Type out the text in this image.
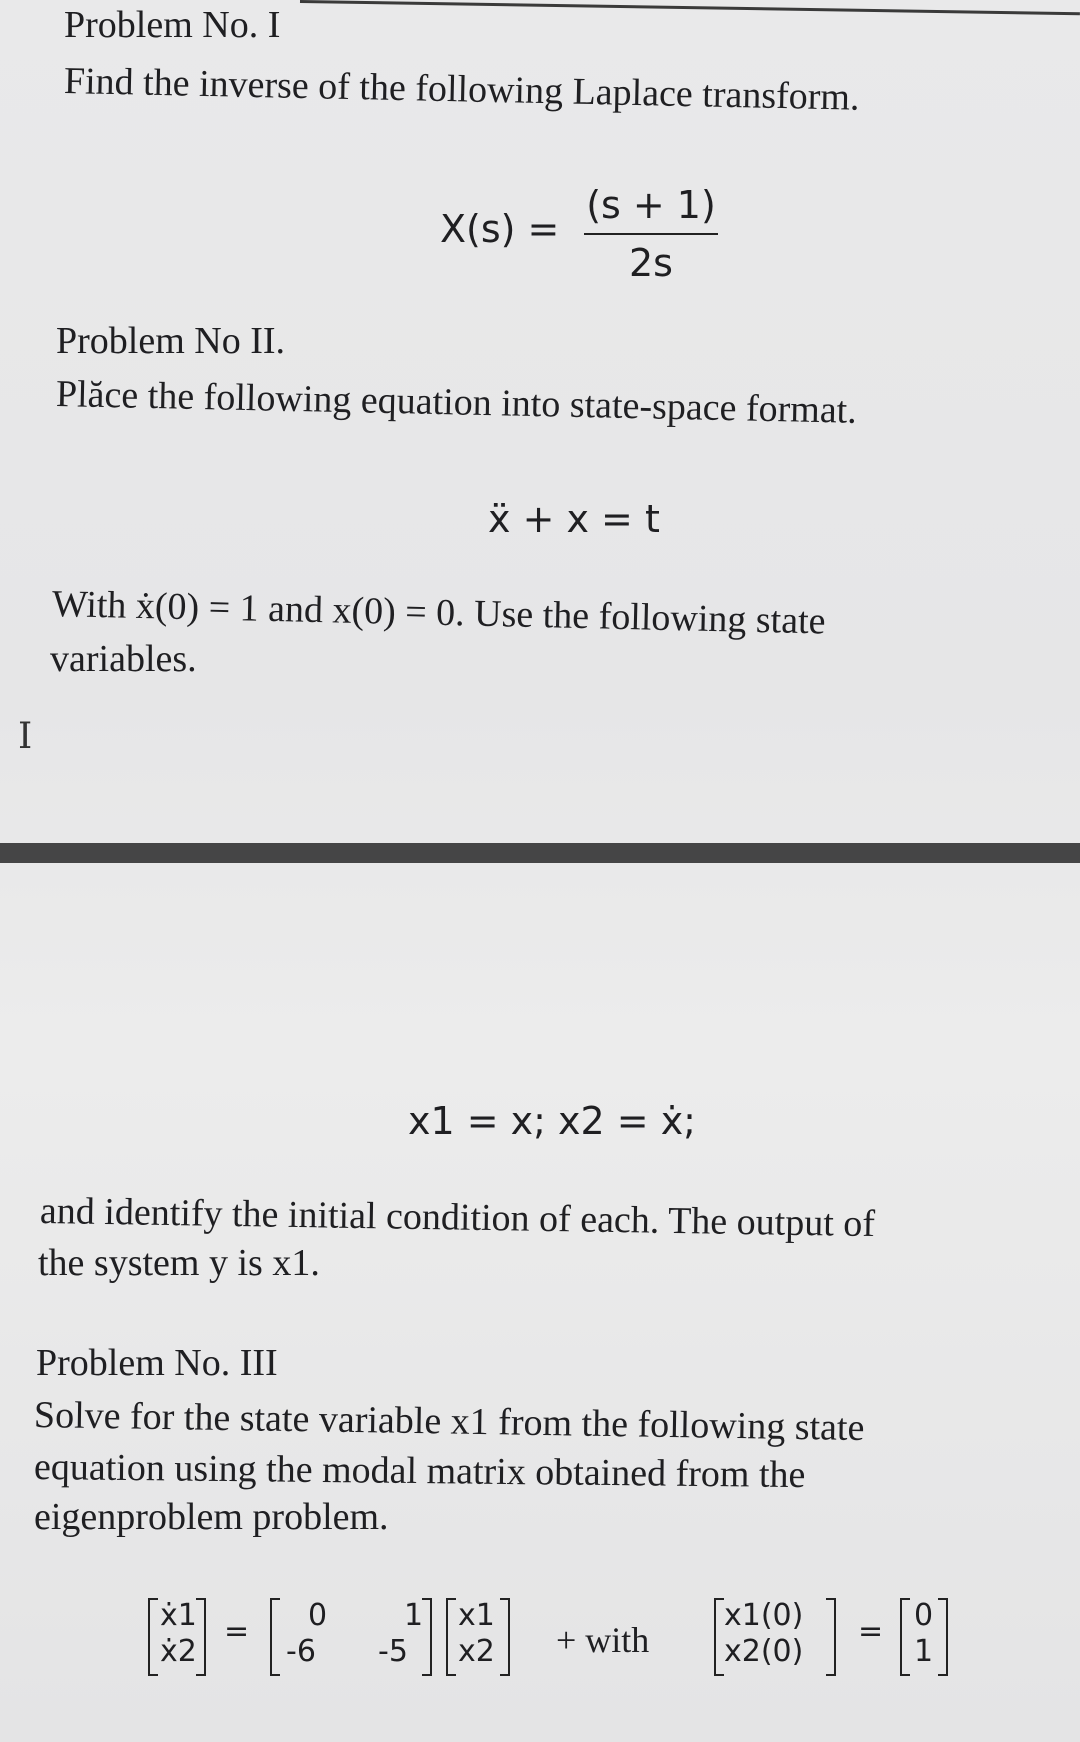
Problem No. I
Find the inverse of the following Laplace transform.
X(s) =
(s + 1)
2s
Problem No II.
Plăce the following equation into state-space format.
ẍ + x = t
With ẋ(0) = 1 and x(0) = 0. Use the following state
variables.
I
x1 = x; x2 = ẋ;
and identify the initial condition of each. The output of
the system y is x1.
Problem No. III
Solve for the state variable x1 from the following state
equation using the modal matrix obtained from the
eigenproblem problem.
ẋ1
ẋ2
= 0	1
-6 -5
x1
x2 + with
x1(0)
x2(0)
= 0
1
